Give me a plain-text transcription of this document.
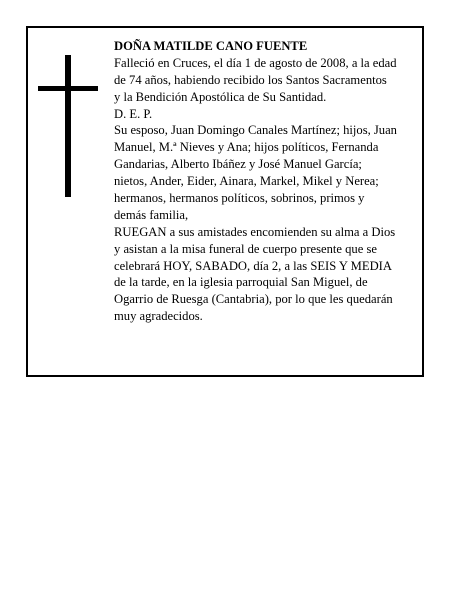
DOÑA MATILDE CANO FUENTE
Falleció en Cruces, el día 1 de agosto de 2008, a la edad
de 74 años, habiendo recibido los Santos Sacramentos
y la Bendición Apostólica de Su Santidad.
D. E. P.
Su esposo, Juan Domingo Canales Martínez; hijos, Juan
Manuel, M.ª Nieves y Ana; hijos políticos, Fernanda
Gandarias, Alberto Ibáñez y José Manuel García;
nietos, Ander, Eider, Ainara, Markel, Mikel y Nerea;
hermanos, hermanos políticos, sobrinos, primos y
demás familia,
RUEGAN a sus amistades encomienden su alma a Dios
y asistan a la misa funeral de cuerpo presente que se
celebrará HOY, SABADO, día 2, a las SEIS Y MEDIA
de la tarde, en la iglesia parroquial San Miguel, de
Ogarrio de Ruesga (Cantabria), por lo que les quedarán
muy agradecidos.
